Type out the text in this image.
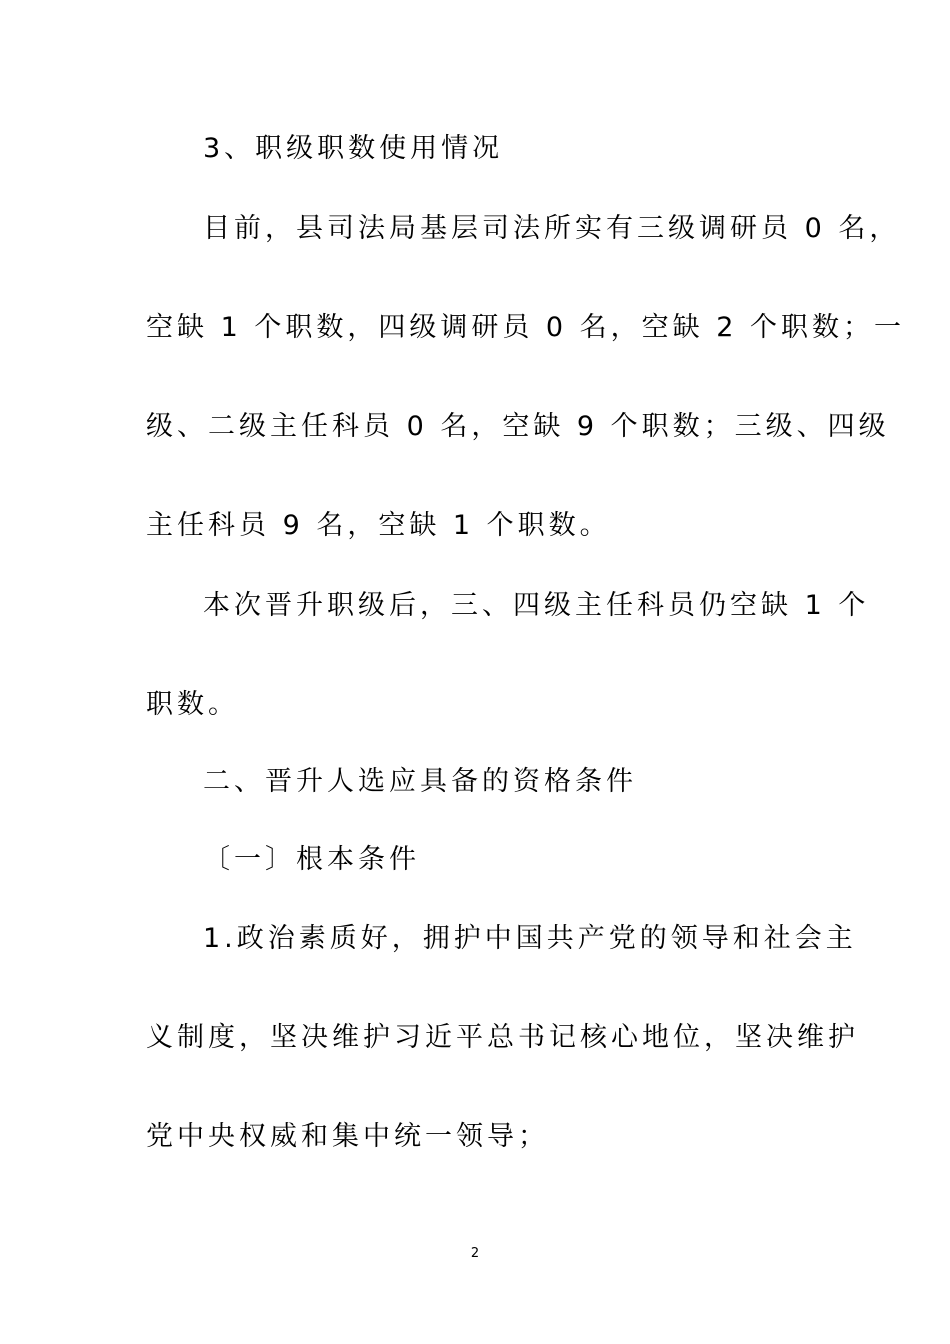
3、职级职数使用情况
目前，县司法局基层司法所实有三级调研员 0 名，
空缺 1 个职数，四级调研员 0 名，空缺 2 个职数；一
级、二级主任科员 0 名，空缺 9 个职数；三级、四级
主任科员 9 名，空缺 1 个职数。
本次晋升职级后，三、四级主任科员仍空缺 1 个
职数。
二、晋升人选应具备的资格条件
〔一〕根本条件
1.政治素质好，拥护中国共产党的领导和社会主
义制度，坚决维护习近平总书记核心地位，坚决维护
党中央权威和集中统一领导；
2
